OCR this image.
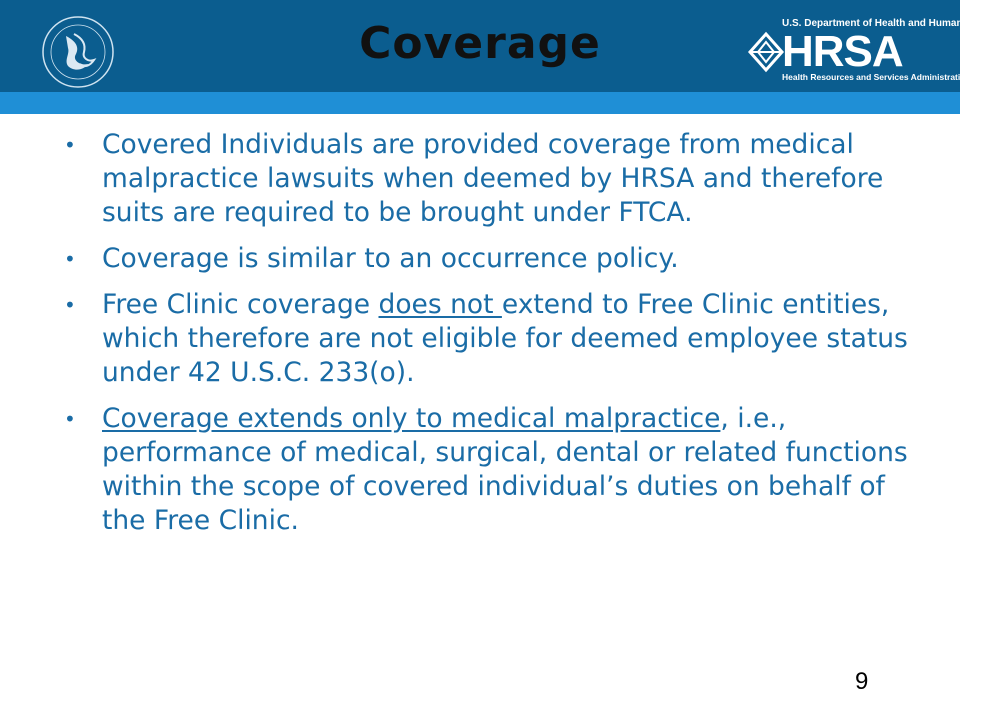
Coverage	U.S. Department of Health and Human Services
HRSA
Health Resources and Services Administration
• Covered Individuals are provided coverage from medical malpractice lawsuits when deemed by HRSA and therefore suits are required to be brought under FTCA.
• Coverage is similar to an occurrence policy.
• Free Clinic coverage does not extend to Free Clinic entities, which therefore are not eligible for deemed employee status under 42 U.S.C. 233(o).
• Coverage extends only to medical malpractice, i.e., performance of medical, surgical, dental or related functions within the scope of covered individual’s duties on behalf of the Free Clinic.
9
